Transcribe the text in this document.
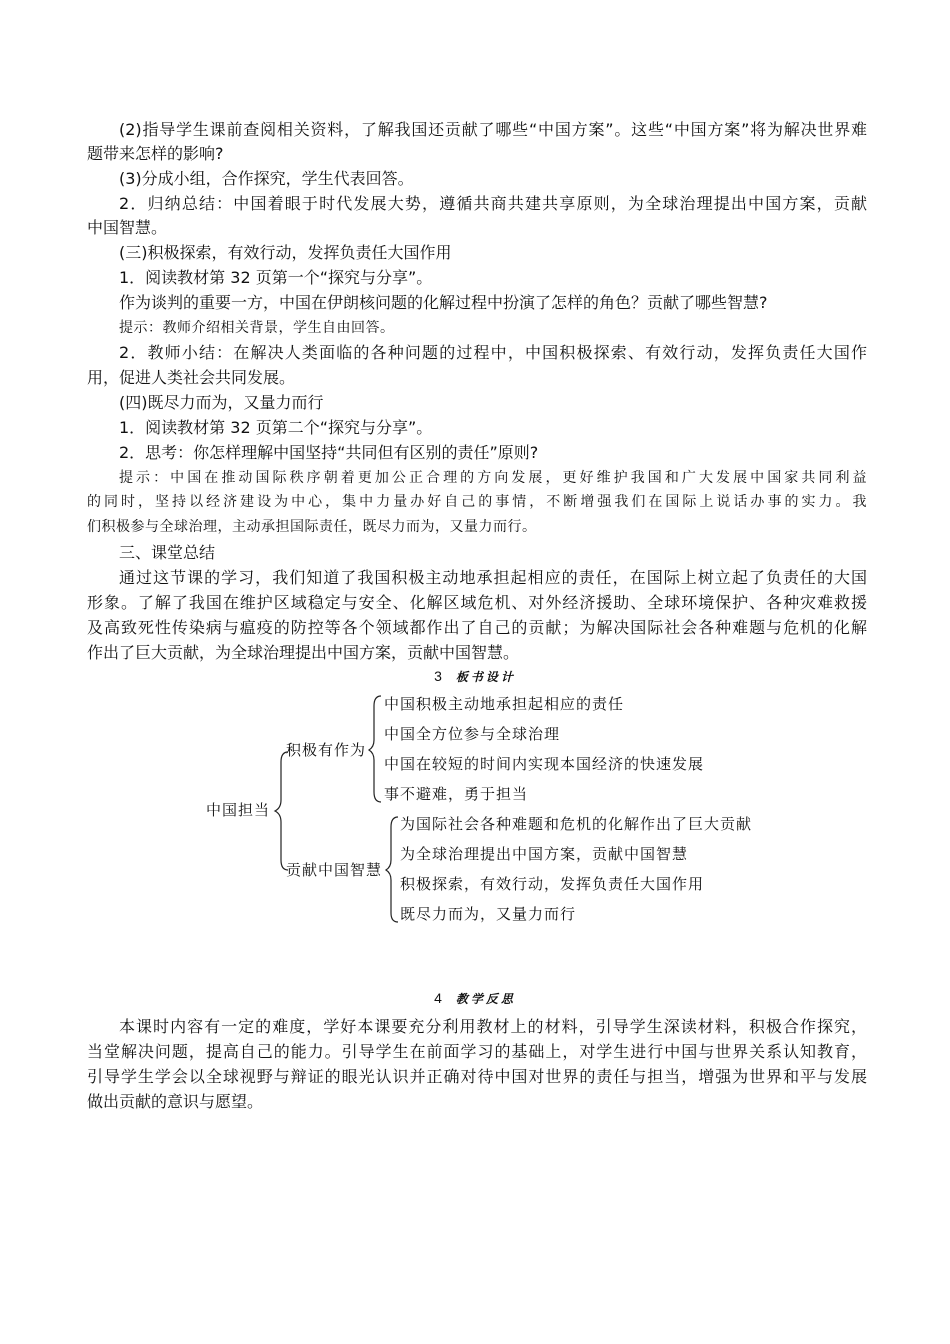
(2)指导学生课前查阅相关资料，了解我国还贡献了哪些“中国方案”。这些“中国方案”将为解决世界难
题带来怎样的影响?
(3)分成小组，合作探究，学生代表回答。
2．归纳总结：中国着眼于时代发展大势，遵循共商共建共享原则，为全球治理提出中国方案，贡献
中国智慧。
(三)积极探索，有效行动，发挥负责任大国作用
1．阅读教材第 32 页第一个“探究与分享”。
作为谈判的重要一方，中国在伊朗核问题的化解过程中扮演了怎样的角色？贡献了哪些智慧?
提示：教师介绍相关背景，学生自由回答。
2．教师小结：在解决人类面临的各种问题的过程中，中国积极探索、有效行动，发挥负责任大国作
用，促进人类社会共同发展。
(四)既尽力而为，又量力而行
1．阅读教材第 32 页第二个“探究与分享”。
2．思考：你怎样理解中国坚持“共同但有区别的责任”原则?
提示：中国在推动国际秩序朝着更加公正合理的方向发展，更好维护我国和广大发展中国家共同利益
的同时，坚持以经济建设为中心，集中力量办好自己的事情，不断增强我们在国际上说话办事的实力。我
们积极参与全球治理，主动承担国际责任，既尽力而为，又量力而行。
三、课堂总结
通过这节课的学习，我们知道了我国积极主动地承担起相应的责任，在国际上树立起了负责任的大国
形象。了解了我国在维护区域稳定与安全、化解区域危机、对外经济援助、全球环境保护、各种灾难救援
及高致死性传染病与瘟疫的防控等各个领域都作出了自己的贡献；为解决国际社会各种难题与危机的化解
作出了巨大贡献，为全球治理提出中国方案，贡献中国智慧。
3 板书设计
中国担当
积极有作为
贡献中国智慧
中国积极主动地承担起相应的责任
中国全方位参与全球治理
中国在较短的时间内实现本国经济的快速发展
事不避难，勇于担当
为国际社会各种难题和危机的化解作出了巨大贡献
为全球治理提出中国方案，贡献中国智慧
积极探索，有效行动，发挥负责任大国作用
既尽力而为，又量力而行
4 教学反思
本课时内容有一定的难度，学好本课要充分利用教材上的材料，引导学生深读材料，积极合作探究，
当堂解决问题，提高自己的能力。引导学生在前面学习的基础上，对学生进行中国与世界关系认知教育，
引导学生学会以全球视野与辩证的眼光认识并正确对待中国对世界的责任与担当，增强为世界和平与发展
做出贡献的意识与愿望。
